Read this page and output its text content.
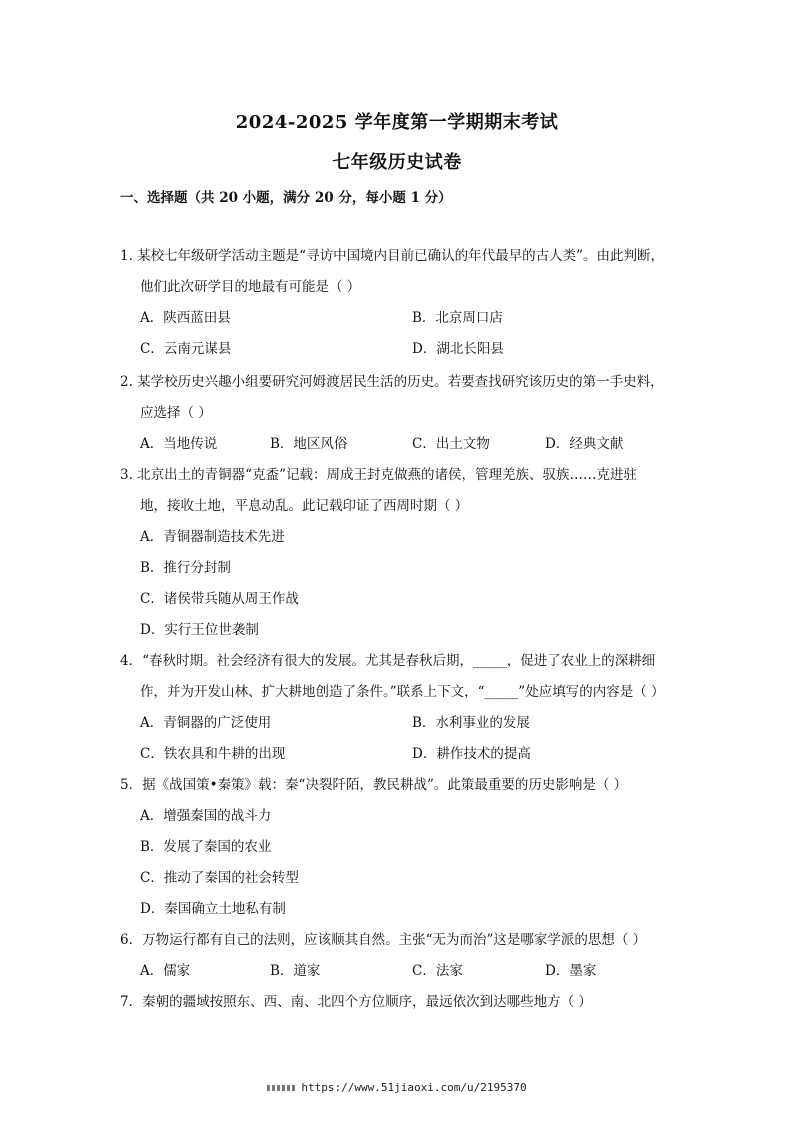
2024-2025 学年度第一学期期末考试
七年级历史试卷
一、选择题（共 20 小题，满分 20 分，每小题 1 分）
1. 某校七年级研学活动主题是“寻访中国境内目前已确认的年代最早的古人类”。由此判断，
他们此次研学目的地最有可能是（ ）
A．陕西蓝田县	B．北京周口店
C．云南元谋县	D．湖北长阳县
2. 某学校历史兴趣小组要研究河姆渡居民生活的历史。若要查找研究该历史的第一手史料，
应选择（ ）
A．当地传说	B．地区风俗	C．出土文物	D．经典文献
3. 北京出土的青铜器“克盉”记载：周成王封克做燕的诸侯，管理羌族、驭族……克进驻
地，接收土地，平息动乱。此记载印证了西周时期（ ）
A．青铜器制造技术先进
B．推行分封制
C．诸侯带兵随从周王作战
D．实行王位世袭制
4．“春秋时期。社会经济有很大的发展。尤其是春秋后期，_____，促进了农业上的深耕细
作，并为开发山林、扩大耕地创造了条件。”联系上下文，“_____”处应填写的内容是（ ）
A．青铜器的广泛使用	B．水利事业的发展
C．铁农具和牛耕的出现	D．耕作技术的提高
5．据《战国策•秦策》载：秦“决裂阡陌，教民耕战”。此策最重要的历史影响是（ ）
A．增强秦国的战斗力
B．发展了秦国的农业
C．推动了秦国的社会转型
D．秦国确立土地私有制
6．万物运行都有自己的法则，应该顺其自然。主张“无为而治”这是哪家学派的思想（ ）
A．儒家	B．道家	C．法家	D．墨家
7．秦朝的疆域按照东、西、南、北四个方位顺序，最远依次到达哪些地方（ ）
https://www.51jiaoxi.com/u/2195370
